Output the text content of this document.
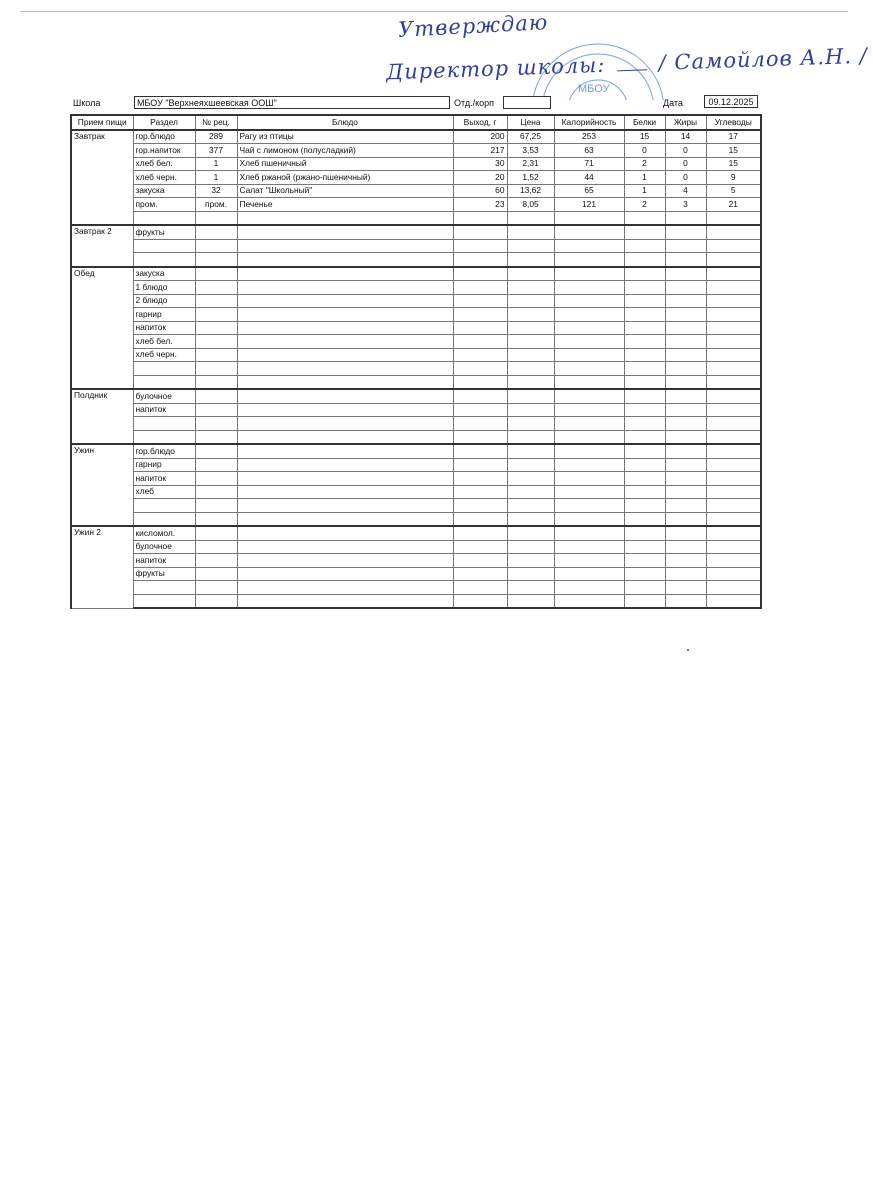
МБОУ
Утверждаю
Директор школы:	/ Самойлов А.Н. /
Школа	МБОУ "Верхнеяхшеевская ООШ"	Отд./корп	Дата	09.12.2025
Прием пищи	Раздел	№ рец.	Блюдо	Выход, г	Цена	Калорийность	Белки	Жиры	Углеводы
Завтрак	гор.блюдо	289	Рагу из птицы	200	67,25	253	15	14	17
	гор.напиток	377	Чай с лимоном (полусладкий)	217	3,53	63	0	0	15
	хлеб бел.	1	Хлеб пшеничный	30	2,31	71	2	0	15
	хлеб черн.	1	Хлеб ржаной (ржано-пшеничный)	20	1,52	44	1	0	9
	закуска	32	Салат "Школьный"	60	13,62	65	1	4	5
	пром.	пром.	Печенье	23	8,05	121	2	3	21

Завтрак 2	фрукты								

Обед	закуска								
	1 блюдо								
	2 блюдо								
	гарнир								
	напиток								
	хлеб бел.								
	хлеб черн.								

Полдник	булочное								
	напиток								

Ужин	гор.блюдо								
	гарнир								
	напиток								
	хлеб								

Ужин 2	кисломол.								
	булочное								
	напиток								
	фрукты								
